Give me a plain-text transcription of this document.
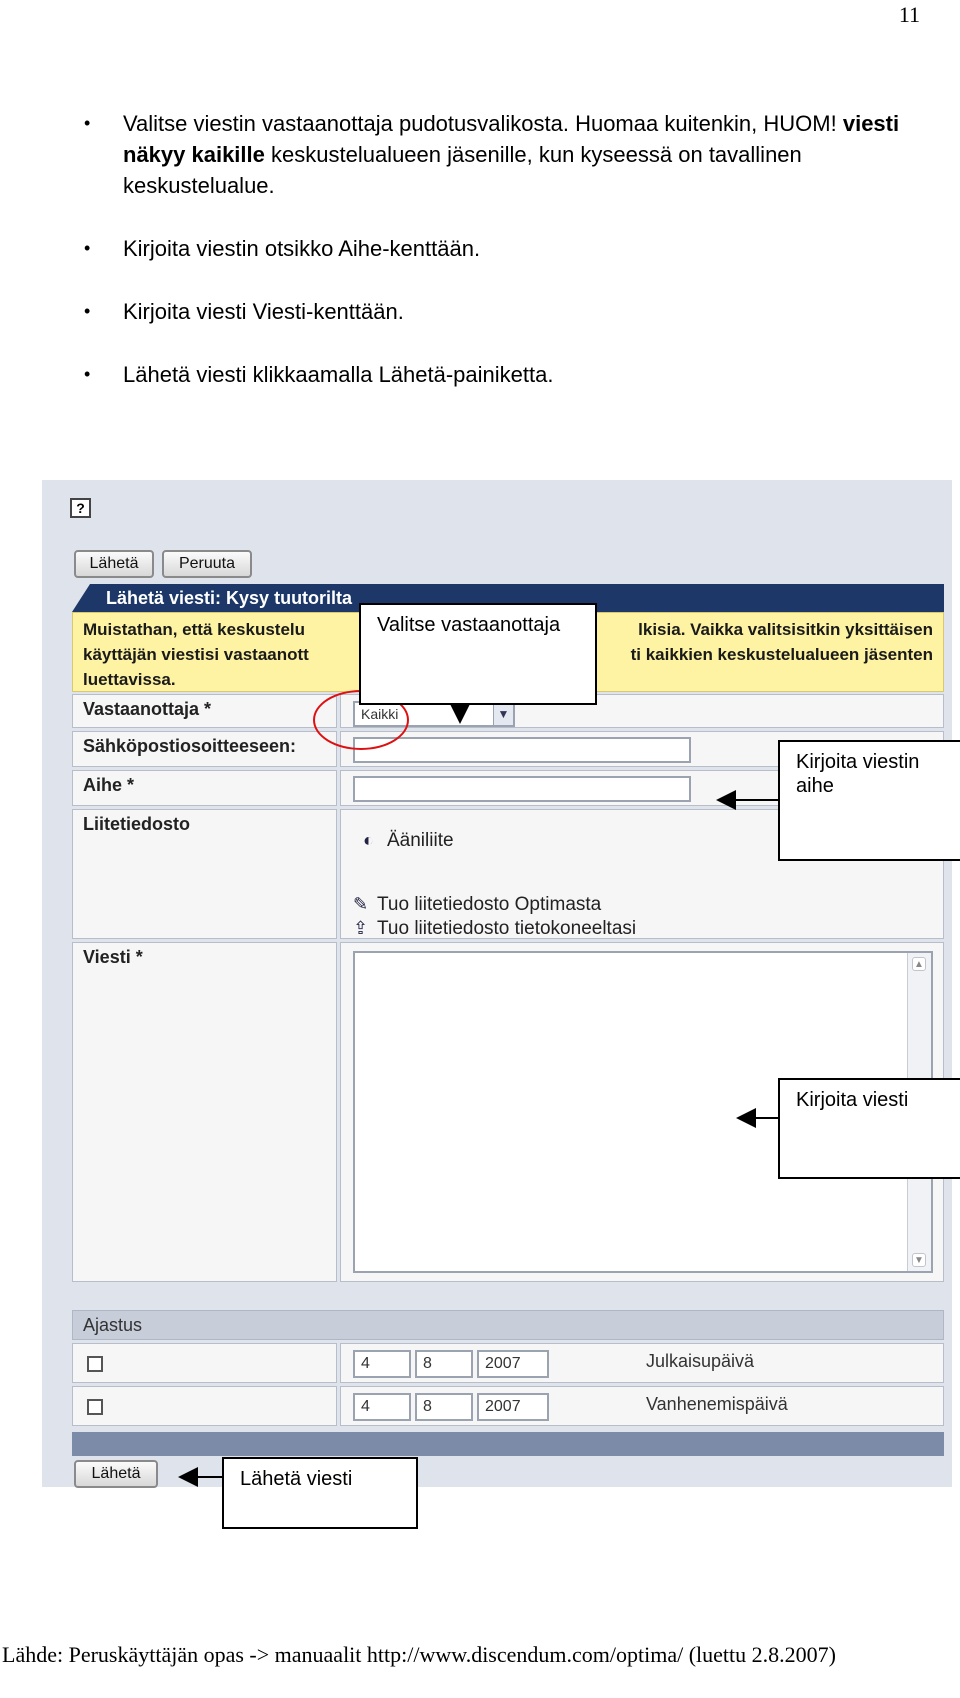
11
• Valitse viestin vastaanottaja pudotusvalikosta. Huomaa kuitenkin, HUOM! viesti näkyy kaikille keskustelualueen jäsenille, kun kyseessä on tavallinen keskustelualue.
• Kirjoita viestin otsikko Aihe-kenttään.
• Kirjoita viesti Viesti-kenttään.
• Lähetä viesti klikkaamalla Lähetä-painiketta.
?
Lähetä	Peruuta
Lähetä viesti: Kysy tuutorilta
Muistathan, että keskustelu	lkisia. Vaikka valitsisitkin yksittäisen
käyttäjän viestisi vastaanott	ti kaikkien keskustelualueen jäsenten
luettavissa.
Vastaanottaja *	Kaikki	▼
Sähköpostiosoitteeseen:
Aihe *
Liitetiedosto
◐ Ääniliite
✎ Tuo liitetiedosto Optimasta
⇪ Tuo liitetiedosto tietokoneeltasi
Viesti *	▲
▼
Ajastus
4	8	2007	Julkaisupäivä
4	8	2007	Vanhenemispäivä
Lähetä
Valitse vastaanottaja
Kirjoita viestin aihe
Kirjoita viesti
Lähetä viesti
Lähde: Peruskäyttäjän opas -> manuaalit http://www.discendum.com/optima/ (luettu 2.8.2007)
